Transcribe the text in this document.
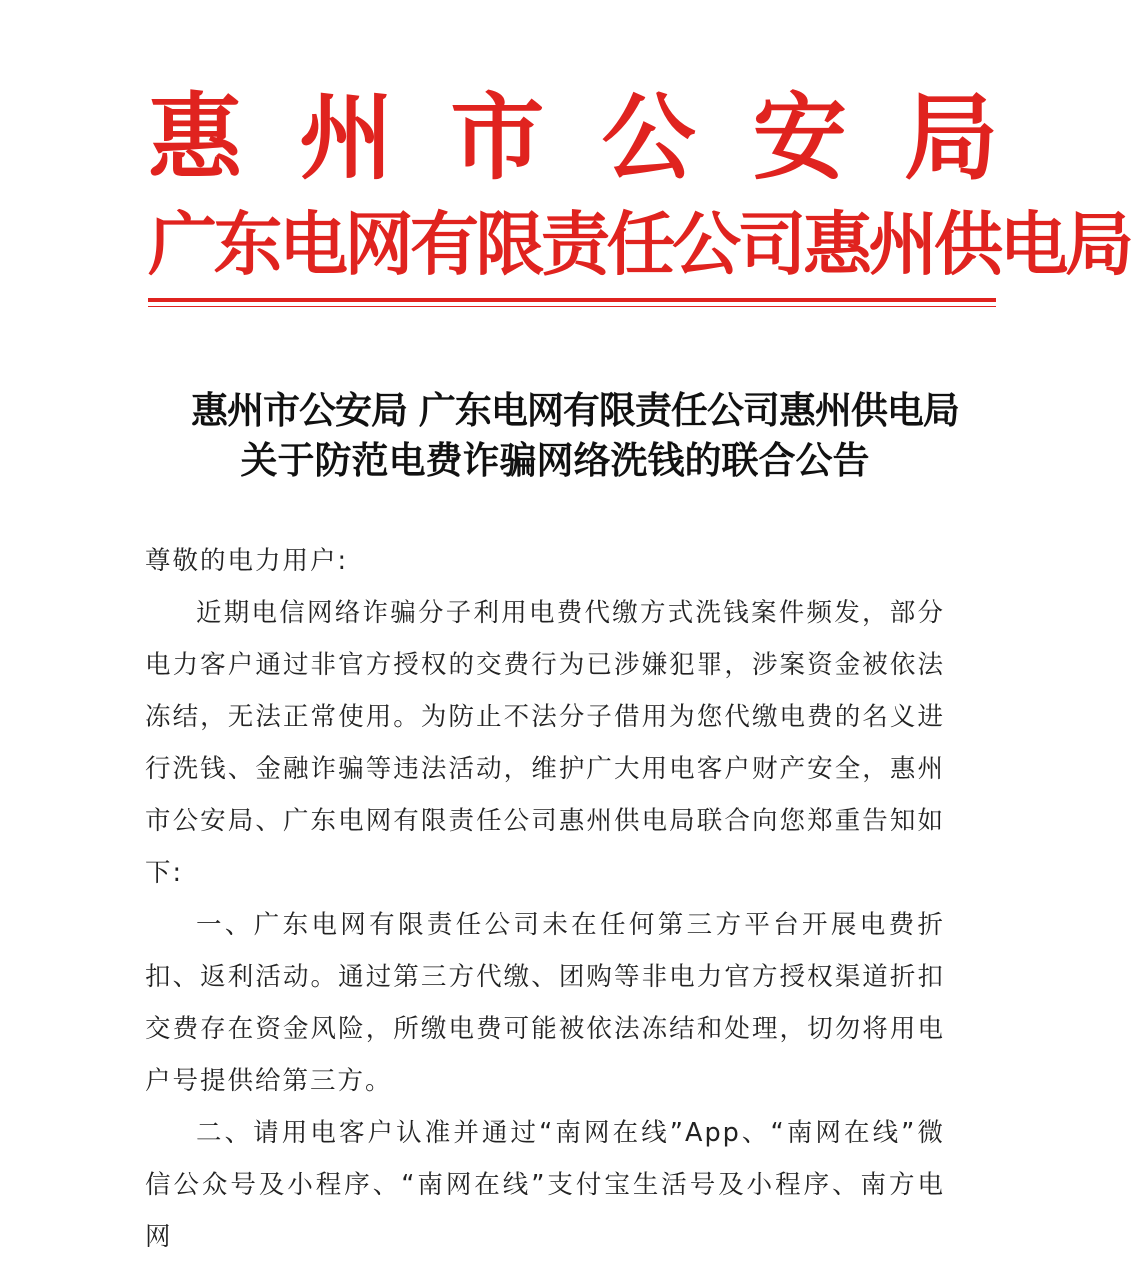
惠 州 市 公 安 局
广东电网有限责任公司惠州供电局
惠州市公安局 广东电网有限责任公司惠州供电局
关于防范电费诈骗网络洗钱的联合公告

尊敬的电力用户:

近期电信网络诈骗分子利用电费代缴方式洗钱案件频发，部分电力客户通过非官方授权的交费行为已涉嫌犯罪，涉案资金被依法冻结，无法正常使用。为防止不法分子借用为您代缴电费的名义进行洗钱、金融诈骗等违法活动，维护广大用电客户财产安全，惠州市公安局、广东电网有限责任公司惠州供电局联合向您郑重告知如下:

一、广东电网有限责任公司未在任何第三方平台开展电费折扣、返利活动。通过第三方代缴、团购等非电力官方授权渠道折扣交费存在资金风险，所缴电费可能被依法冻结和处理，切勿将用电户号提供给第三方。

二、请用电客户认准并通过“南网在线”App、“南网在线”微信公众号及小程序、“南网在线”支付宝生活号及小程序、南方电网
